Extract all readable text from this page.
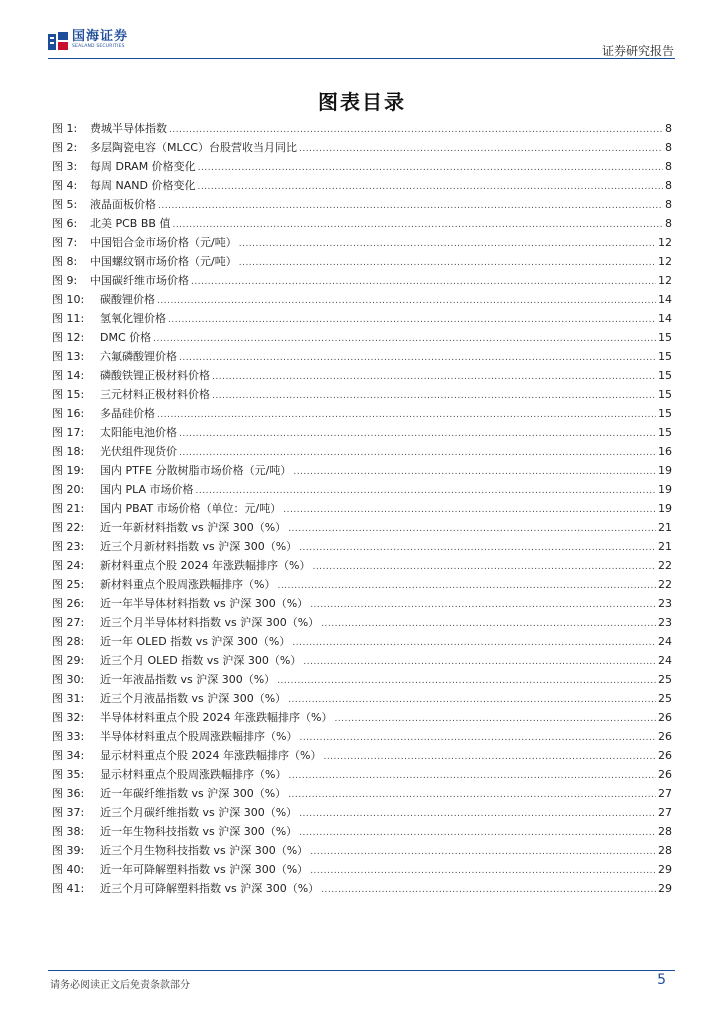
国海证券
SEALAND SECURITIES	证券研究报告
图表目录
图 1:	费城半导体指数 .....	8
图 2:	多层陶瓷电容（MLCC）台股营收当月同比 .....	8
图 3:	每周 DRAM 价格变化 .....	8
图 4:	每周 NAND 价格变化 .....	8
图 5:	液晶面板价格 .....	8
图 6:	北美 PCB BB 值 .....	8
图 7:	中国铝合金市场价格（元/吨） .....	12
图 8:	中国螺纹钢市场价格（元/吨） .....	12
图 9:	中国碳纤维市场价格 .....	12
图 10:	碳酸锂价格 .....	14
图 11:	氢氧化锂价格 .....	14
图 12:	DMC 价格 .....	15
图 13:	六氟磷酸锂价格 .....	15
图 14:	磷酸铁锂正极材料价格 .....	15
图 15:	三元材料正极材料价格 .....	15
图 16:	多晶硅价格 .....	15
图 17:	太阳能电池价格 .....	15
图 18:	光伏组件现货价 .....	16
图 19:	国内 PTFE 分散树脂市场价格（元/吨） .....	19
图 20:	国内 PLA 市场价格 .....	19
图 21:	国内 PBAT 市场价格（单位：元/吨） .....	19
图 22:	近一年新材料指数 vs 沪深 300（%） .....	21
图 23:	近三个月新材料指数 vs 沪深 300（%） .....	21
图 24:	新材料重点个股 2024 年涨跌幅排序（%） .....	22
图 25:	新材料重点个股周涨跌幅排序（%） .....	22
图 26:	近一年半导体材料指数 vs 沪深 300（%） .....	23
图 27:	近三个月半导体材料指数 vs 沪深 300（%） .....	23
图 28:	近一年 OLED 指数 vs 沪深 300（%） .....	24
图 29:	近三个月 OLED 指数 vs 沪深 300（%） .....	24
图 30:	近一年液晶指数 vs 沪深 300（%） .....	25
图 31:	近三个月液晶指数 vs 沪深 300（%） .....	25
图 32:	半导体材料重点个股 2024 年涨跌幅排序（%） .....	26
图 33:	半导体材料重点个股周涨跌幅排序（%） .....	26
图 34:	显示材料重点个股 2024 年涨跌幅排序（%） .....	26
图 35:	显示材料重点个股周涨跌幅排序（%） .....	26
图 36:	近一年碳纤维指数 vs 沪深 300（%） .....	27
图 37:	近三个月碳纤维指数 vs 沪深 300（%） .....	27
图 38:	近一年生物科技指数 vs 沪深 300（%） .....	28
图 39:	近三个月生物科技指数 vs 沪深 300（%） .....	28
图 40:	近一年可降解塑料指数 vs 沪深 300（%） .....	29
图 41:	近三个月可降解塑料指数 vs 沪深 300（%） .....	29
请务必阅读正文后免责条款部分	5
